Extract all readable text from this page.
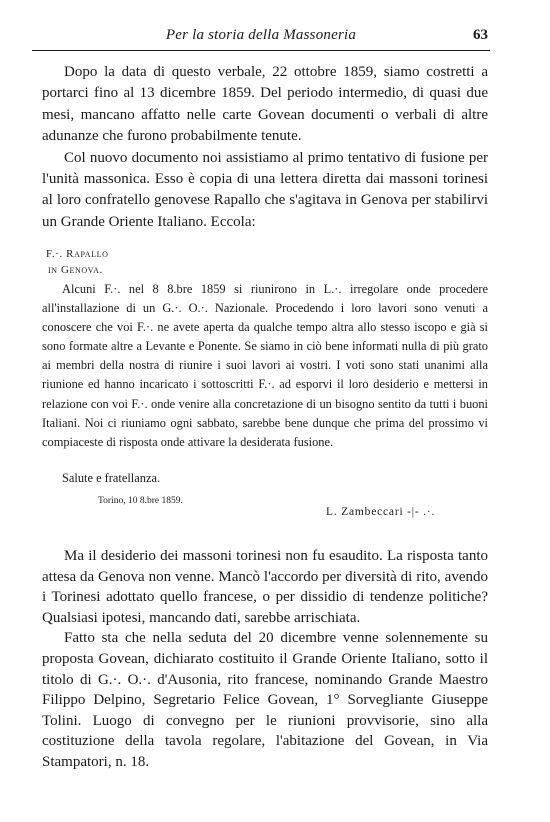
Per la storia della Massoneria	63

Dopo la data di questo verbale, 22 ottobre 1859, siamo costretti a portarci fino al 13 dicembre 1859. Del periodo intermedio, di quasi due mesi, mancano affatto nelle carte Govean documenti o verbali di altre adunanze che furono probabilmente tenute.

Col nuovo documento noi assistiamo al primo tentativo di fusione per l'unità massonica. Esso è copia di una lettera diretta dai massoni torinesi al loro confratello genovese Rapallo che s'agitava in Genova per stabilirvi un Grande Oriente Italiano. Eccola:

F.·. Rapallo
in Genova.

Alcuni F.·. nel 8 8.bre 1859 si riunirono in L.·. irregolare onde procedere all'installazione di un G.·. O.·. Nazionale. Procedendo i loro lavori sono venuti a conoscere che voi F.·. ne avete aperta da qualche tempo altra allo stesso iscopo e già si sono formate altre a Levante e Ponente. Se siamo in ciò bene informati nulla di più grato ai membri della nostra di riunire i suoi lavori ai vostri. I voti sono stati unanimi alla riunione ed hanno incaricato i sottoscritti F.·. ad esporvi il loro desiderio e mettersi in relazione con voi F.·. onde venire alla concretazione di un bisogno sentito da tutti i buoni Italiani. Noi ci riuniamo ogni sabbato, sarebbe bene dunque che prima del prossimo vi compiaceste di risposta onde attivare la desiderata fusione.

Salute e fratellanza.
Torino, 10 8.bre 1859.
L. Zambeccari -|- .·.

Ma il desiderio dei massoni torinesi non fu esaudito. La risposta tanto attesa da Genova non venne. Mancò l'accordo per diversità di rito, avendo i Torinesi adottato quello francese, o per dissidio di tendenze politiche? Qualsiasi ipotesi, mancando dati, sarebbe arrischiata.

Fatto sta che nella seduta del 20 dicembre venne solennemente su proposta Govean, dichiarato costituito il Grande Oriente Italiano, sotto il titolo di G.·. O.·. d'Ausonia, rito francese, nominando Grande Maestro Filippo Delpino, Segretario Felice Govean, 1° Sorvegliante Giuseppe Tolini. Luogo di convegno per le riunioni provvisorie, sino alla costituzione della tavola regolare, l'abitazione del Govean, in Via Stampatori, n. 18.
